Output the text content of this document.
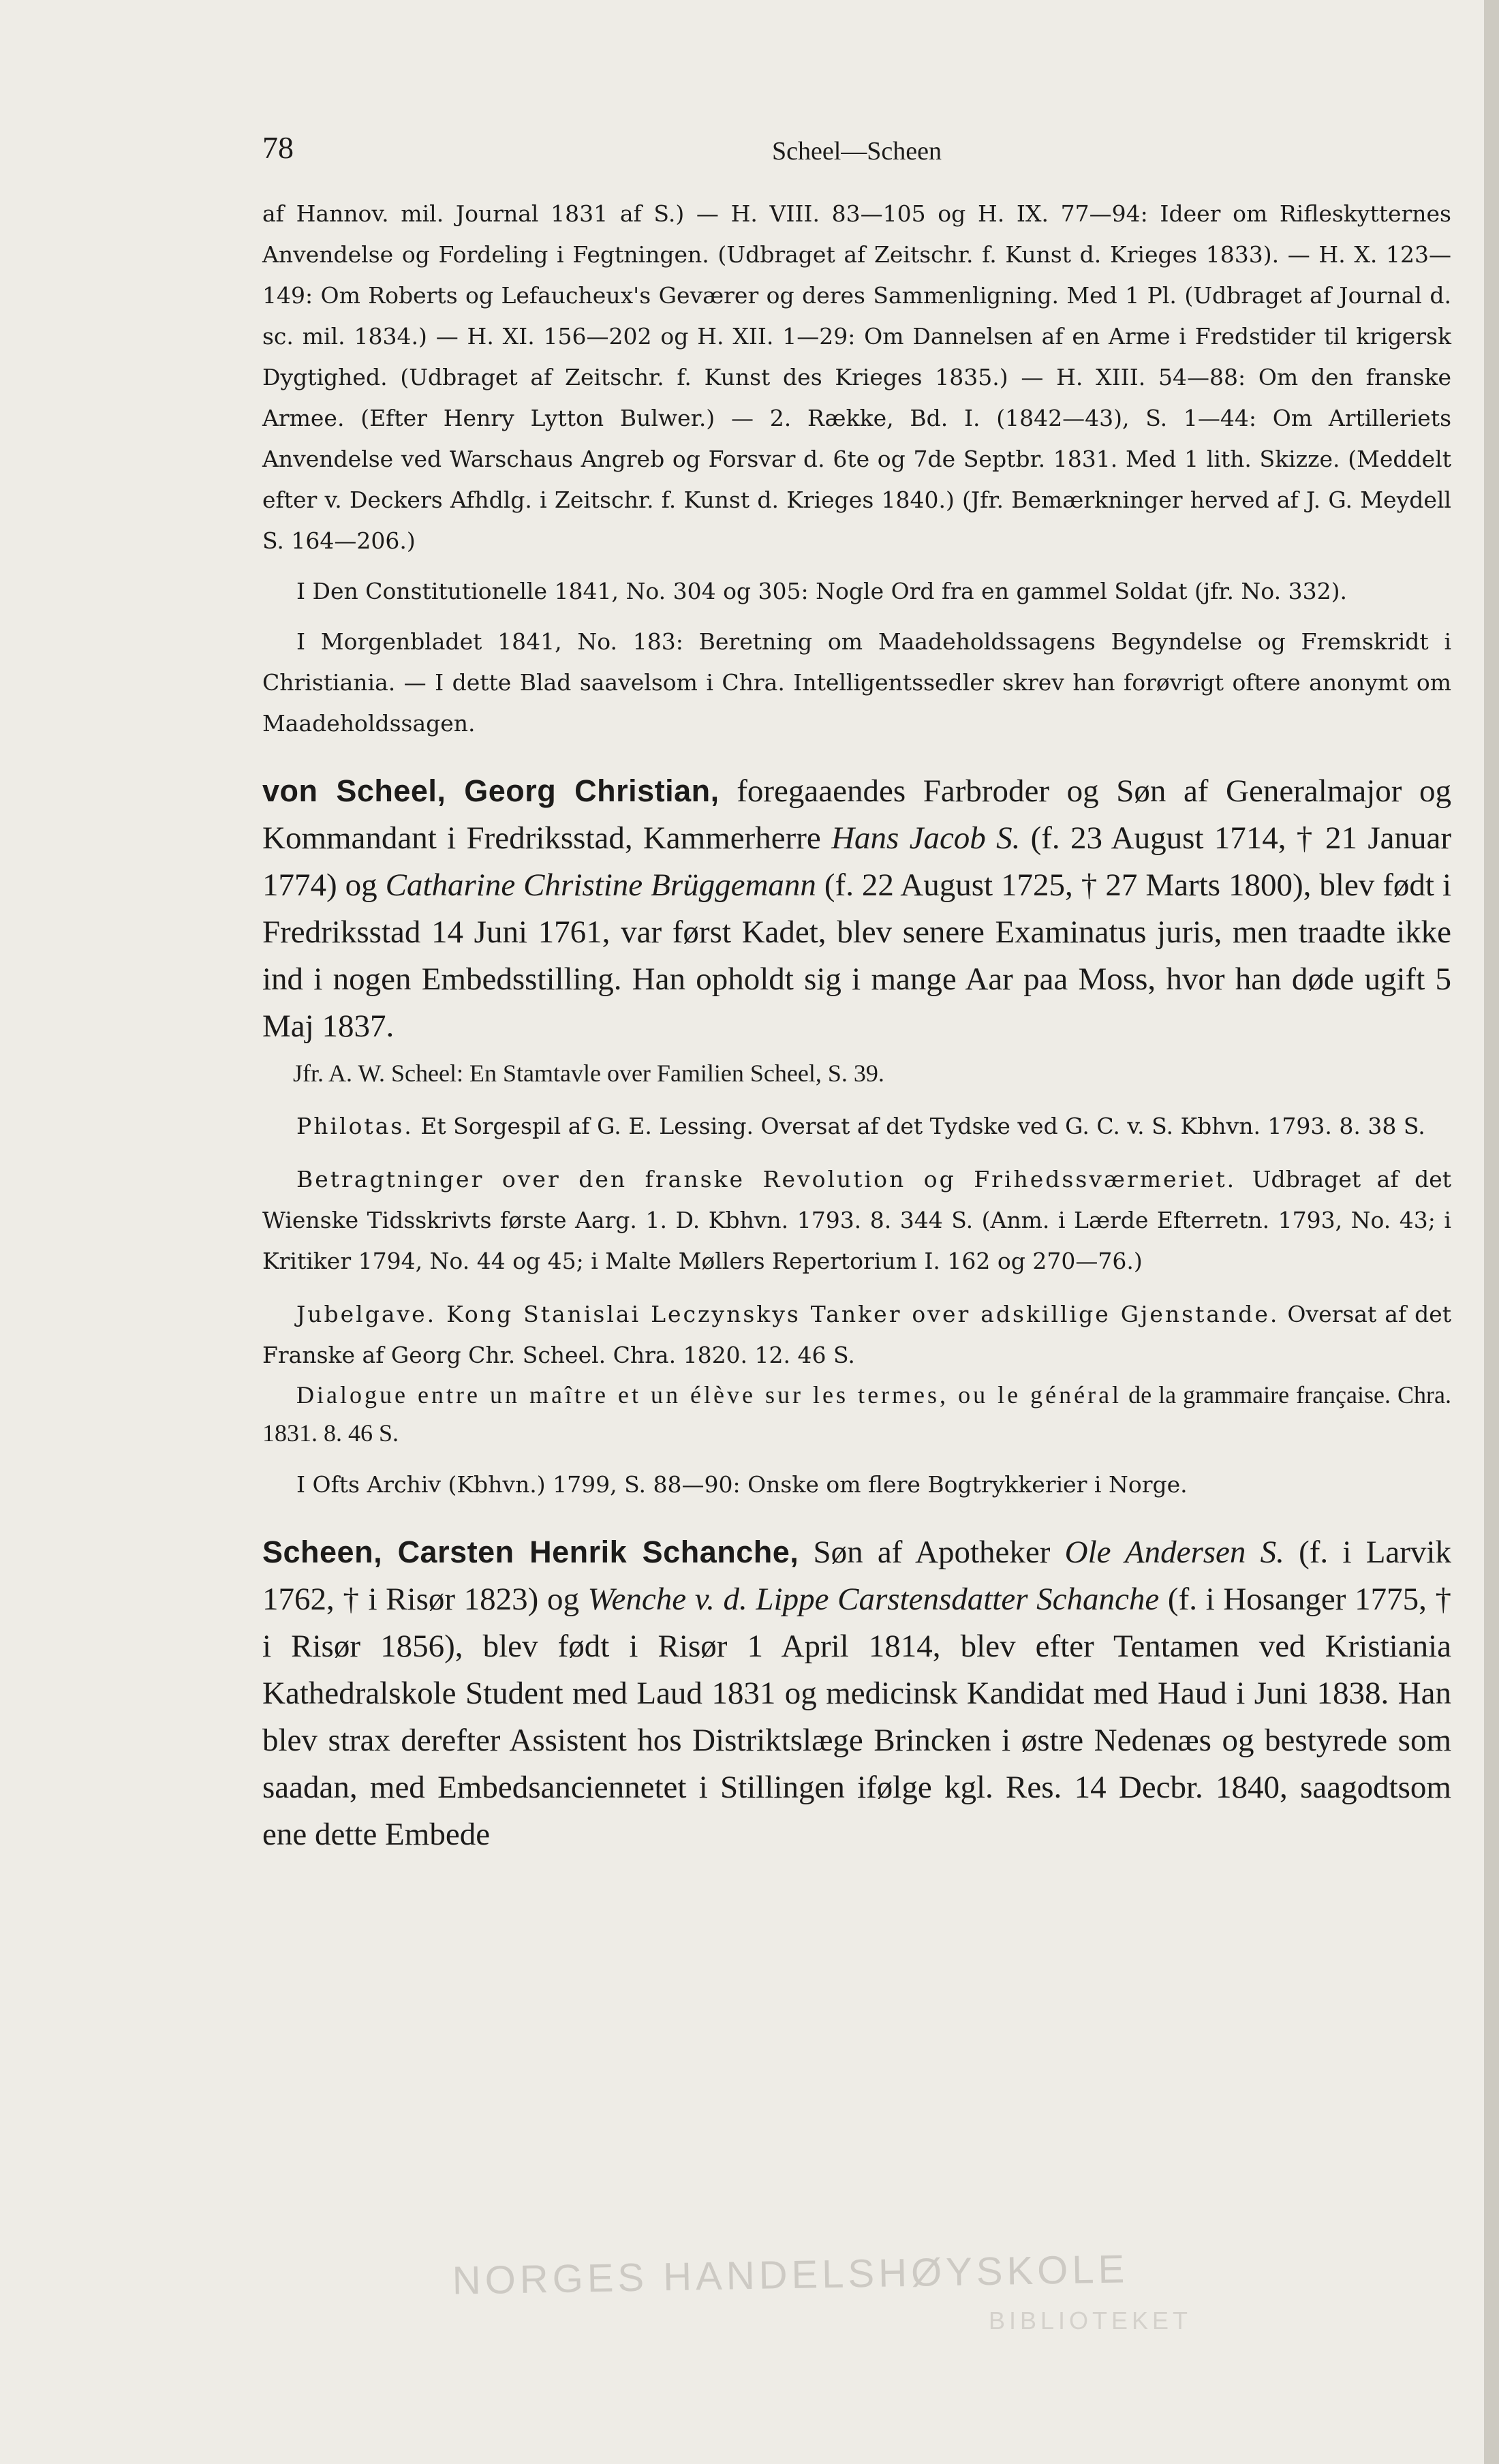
78	Scheel—Scheen

af Hannov. mil. Journal 1831 af S.) — H. VIII. 83—105 og H. IX. 77—94: Ideer om Rifleskytternes Anvendelse og Fordeling i Fegtningen. (Udbraget af Zeitschr. f. Kunst d. Krieges 1833). — H. X. 123—149: Om Roberts og Lefaucheux's Geværer og deres Sammenligning. Med 1 Pl. (Udbraget af Journal d. sc. mil. 1834.) — H. XI. 156—202 og H. XII. 1—29: Om Dannelsen af en Arme i Fredstider til krigersk Dygtighed. (Udbraget af Zeitschr. f. Kunst des Krieges 1835.) — H. XIII. 54—88: Om den franske Armee. (Efter Henry Lytton Bulwer.) — 2. Række, Bd. I. (1842—43), S. 1—44: Om Artilleriets Anvendelse ved Warschaus Angreb og Forsvar d. 6te og 7de Septbr. 1831. Med 1 lith. Skizze. (Meddelt efter v. Deckers Afhdlg. i Zeitschr. f. Kunst d. Krieges 1840.) (Jfr. Bemærkninger herved af J. G. Meydell S. 164—206.)

I Den Constitutionelle 1841, No. 304 og 305: Nogle Ord fra en gammel Soldat (jfr. No. 332).

I Morgenbladet 1841, No. 183: Beretning om Maadeholdssagens Begyndelse og Fremskridt i Christiania. — I dette Blad saavelsom i Chra. Intelligentssedler skrev han forøvrigt oftere anonymt om Maadeholdssagen.

von Scheel, Georg Christian, foregaaendes Farbroder og Søn af Generalmajor og Kommandant i Fredriksstad, Kammerherre Hans Jacob S. (f. 23 August 1714, † 21 Januar 1774) og Catharine Christine Brüggemann (f. 22 August 1725, † 27 Marts 1800), blev født i Fredriksstad 14 Juni 1761, var først Kadet, blev senere Examinatus juris, men traadte ikke ind i nogen Embedsstilling. Han opholdt sig i mange Aar paa Moss, hvor han døde ugift 5 Maj 1837.

Jfr. A. W. Scheel: En Stamtavle over Familien Scheel, S. 39.

Philotas. Et Sorgespil af G. E. Lessing. Oversat af det Tydske ved G. C. v. S. Kbhvn. 1793. 8. 38 S.

Betragtninger over den franske Revolution og Frihedssværmeriet. Udbraget af det Wienske Tidsskrivts første Aarg. 1. D. Kbhvn. 1793. 8. 344 S. (Anm. i Lærde Efterretn. 1793, No. 43; i Kritiker 1794, No. 44 og 45; i Malte Møllers Repertorium I. 162 og 270—76.)

Jubelgave. Kong Stanislai Leczynskys Tanker over adskillige Gjenstande. Oversat af det Franske af Georg Chr. Scheel. Chra. 1820. 12. 46 S.

Dialogue entre un maître et un élève sur les termes, ou le général de la grammaire française. Chra. 1831. 8. 46 S.

I Ofts Archiv (Kbhvn.) 1799, S. 88—90: Onske om flere Bogtrykkerier i Norge.

Scheen, Carsten Henrik Schanche, Søn af Apotheker Ole Andersen S. (f. i Larvik 1762, † i Risør 1823) og Wenche v. d. Lippe Carstensdatter Schanche (f. i Hosanger 1775, † i Risør 1856), blev født i Risør 1 April 1814, blev efter Tentamen ved Kristiania Kathedralskole Student med Laud 1831 og medicinsk Kandidat med Haud i Juni 1838. Han blev strax derefter Assistent hos Distriktslæge Brincken i østre Nedenæs og bestyrede som saadan, med Embedsanciennetet i Stillingen ifølge kgl. Res. 14 Decbr. 1840, saagodtsom ene dette Embede

NORGES HANDELSHØYSKOLE
BIBLIOTEKET
